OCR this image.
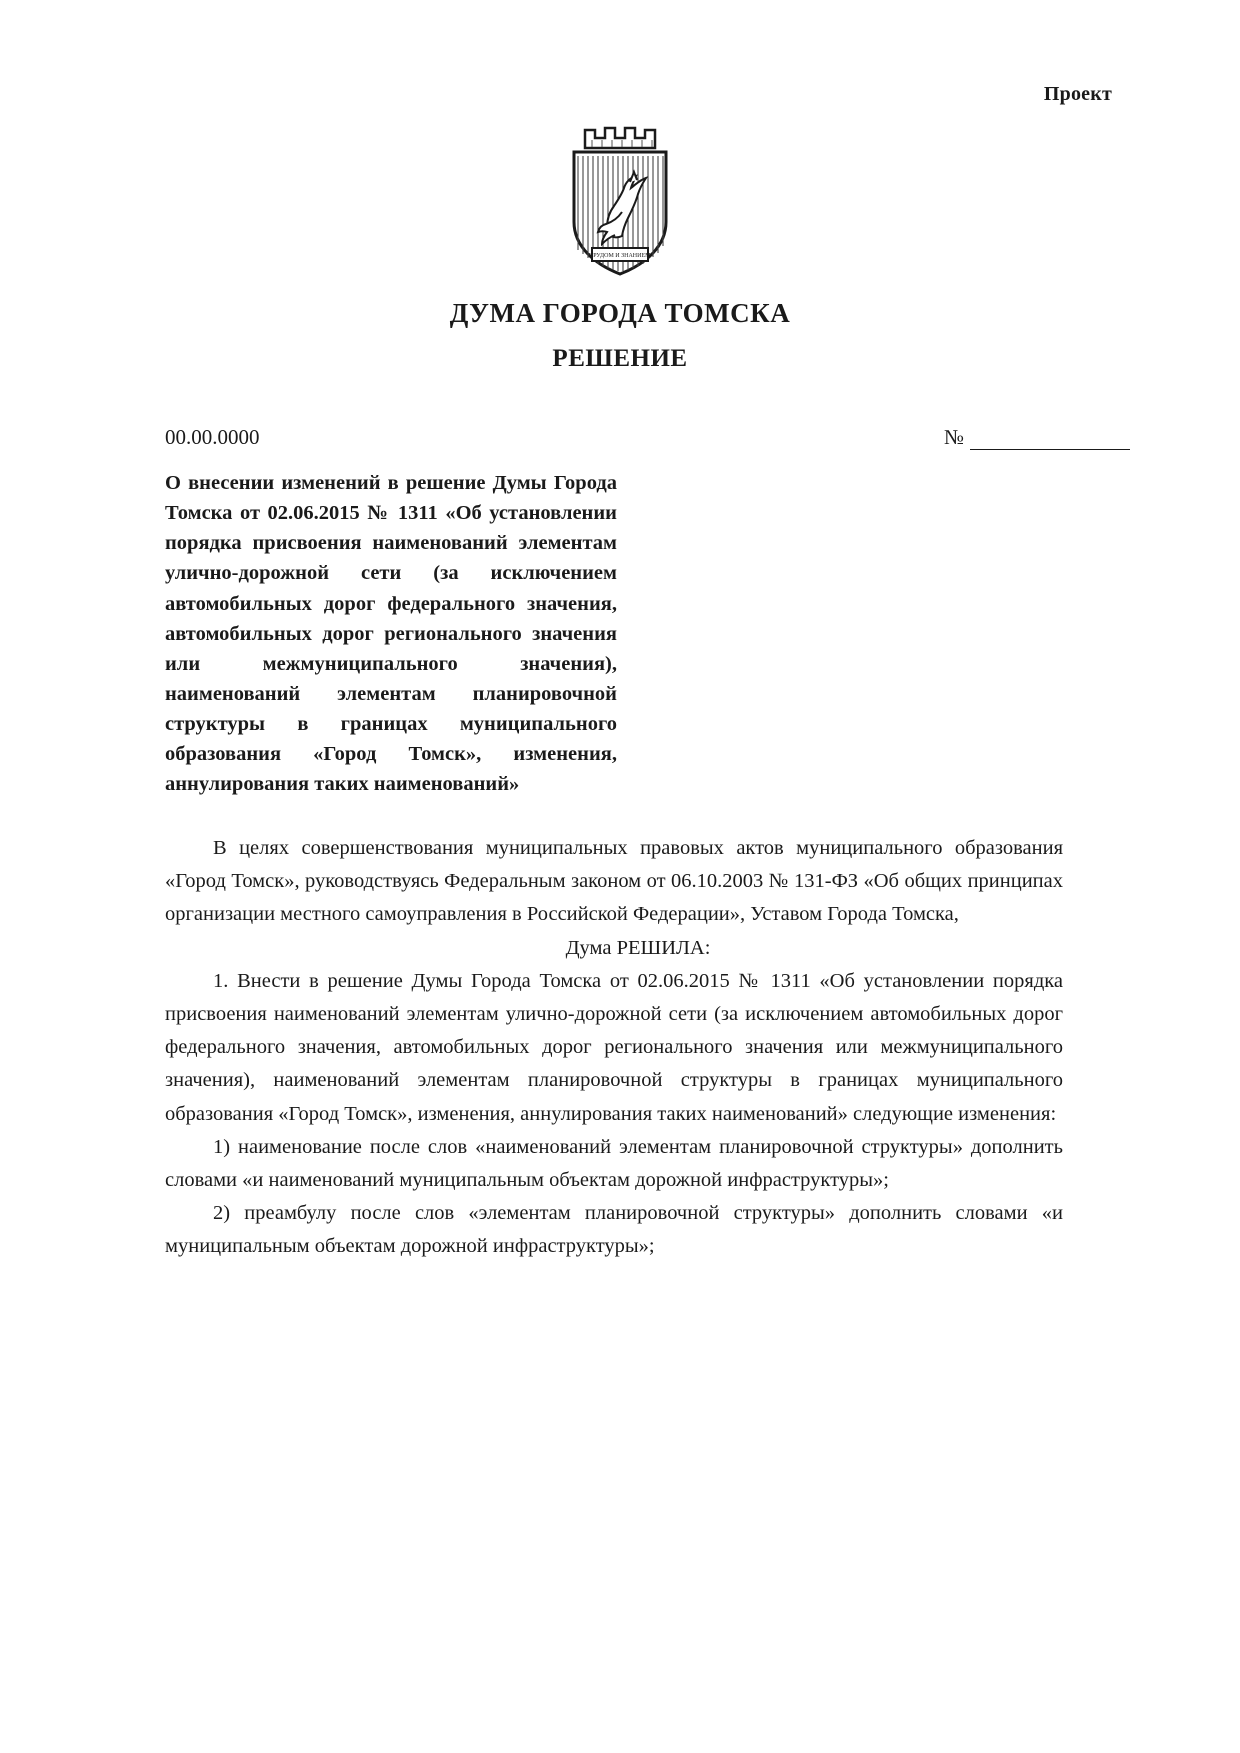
Проект
ТРУДОМ И ЗНАНИЕМ
ДУМА ГОРОДА ТОМСКА
РЕШЕНИЕ
00.00.0000	№
О внесении изменений в решение Думы Города Томска от 02.06.2015 № 1311 «Об установлении порядка присвоения наименований элементам улично-дорожной сети (за исключением автомобильных дорог федерального значения, автомобильных дорог регионального значения или межмуниципального значения), наименований элементам планировочной структуры в границах муниципального образования «Город Томск», изменения, аннулирования таких наименований»

В целях совершенствования муниципальных правовых актов муниципального образования «Город Томск», руководствуясь Федеральным законом от 06.10.2003 № 131-ФЗ «Об общих принципах организации местного самоуправления в Российской Федерации», Уставом Города Томска,

Дума РЕШИЛА:

1. Внести в решение Думы Города Томска от 02.06.2015 № 1311 «Об установлении порядка присвоения наименований элементам улично-дорожной сети (за исключением автомобильных дорог федерального значения, автомобильных дорог регионального значения или межмуниципального значения), наименований элементам планировочной структуры в границах муниципального образования «Город Томск», изменения, аннулирования таких наименований» следующие изменения:

1) наименование после слов «наименований элементам планировочной структуры» дополнить словами «и наименований муниципальным объектам дорожной инфраструктуры»;

2) преамбулу после слов «элементам планировочной структуры» дополнить словами «и муниципальным объектам дорожной инфраструктуры»;
